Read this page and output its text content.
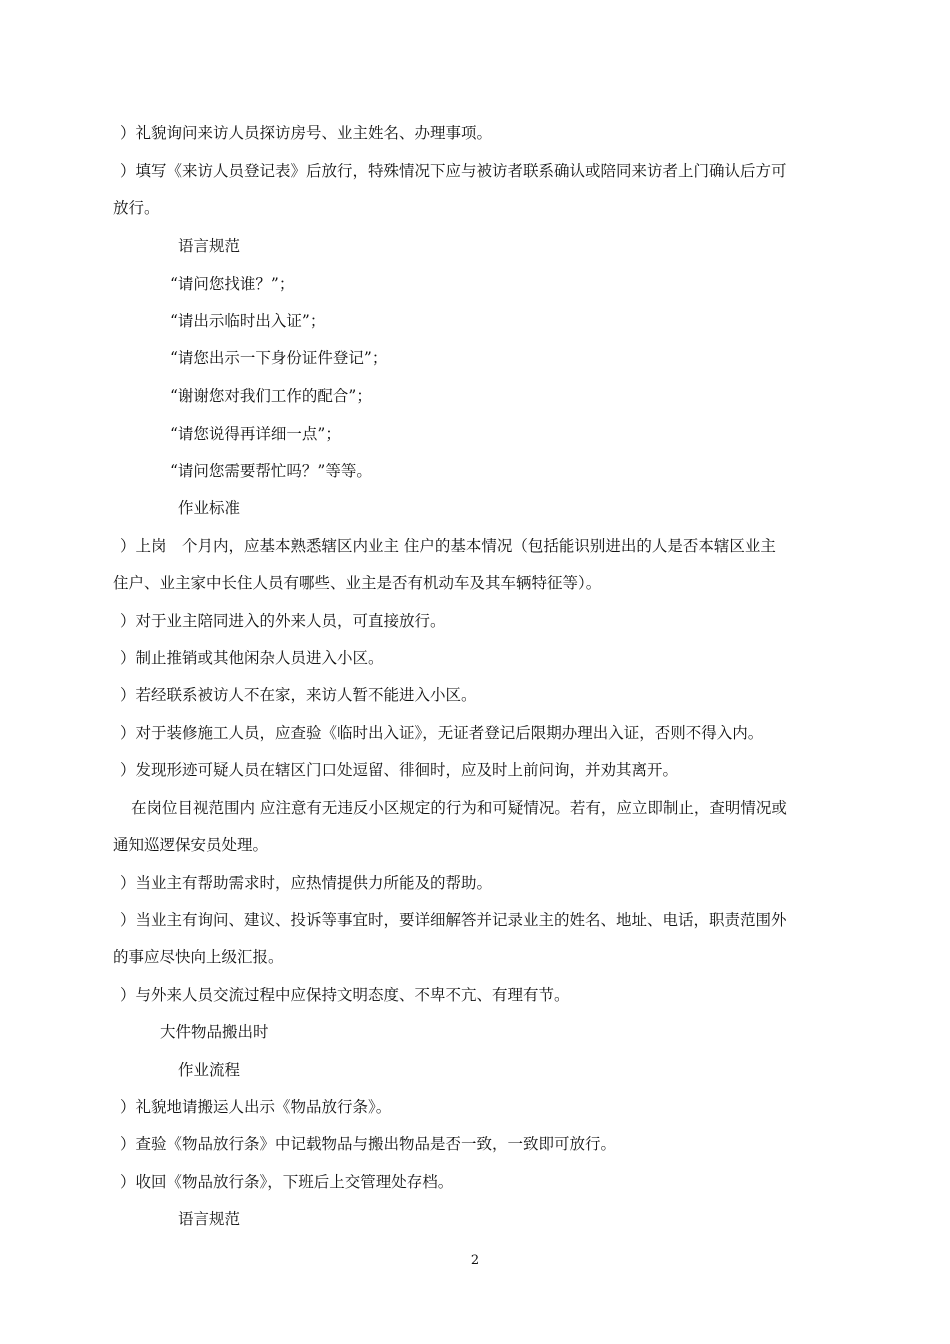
）礼貌询问来访人员探访房号、业主姓名、办理事项。
）填写《来访人员登记表》后放行，特殊情况下应与被访者联系确认或陪同来访者上门确认后方可
放行。
语言规范
“请问您找谁？”；
“请出示临时出入证”；
“请您出示一下身份证件登记”；
“谢谢您对我们工作的配合”；
“请您说得再详细一点”；
“请问您需要帮忙吗？”等等。
作业标准
）上岗　个月内，应基本熟悉辖区内业主 住户的基本情况（包括能识别进出的人是否本辖区业主
住户、业主家中长住人员有哪些、业主是否有机动车及其车辆特征等）。
）对于业主陪同进入的外来人员，可直接放行。
）制止推销或其他闲杂人员进入小区。
）若经联系被访人不在家，来访人暂不能进入小区。
）对于装修施工人员，应查验《临时出入证》，无证者登记后限期办理出入证，否则不得入内。
）发现形迹可疑人员在辖区门口处逗留、徘徊时，应及时上前问询，并劝其离开。
在岗位目视范围内 应注意有无违反小区规定的行为和可疑情况。若有，应立即制止，查明情况或
通知巡逻保安员处理。
）当业主有帮助需求时，应热情提供力所能及的帮助。
）当业主有询问、建议、投诉等事宜时，要详细解答并记录业主的姓名、地址、电话，职责范围外
的事应尽快向上级汇报。
）与外来人员交流过程中应保持文明态度、不卑不亢、有理有节。
大件物品搬出时
作业流程
）礼貌地请搬运人出示《物品放行条》。
）查验《物品放行条》中记载物品与搬出物品是否一致，一致即可放行。
）收回《物品放行条》，下班后上交管理处存档。
语言规范
2
